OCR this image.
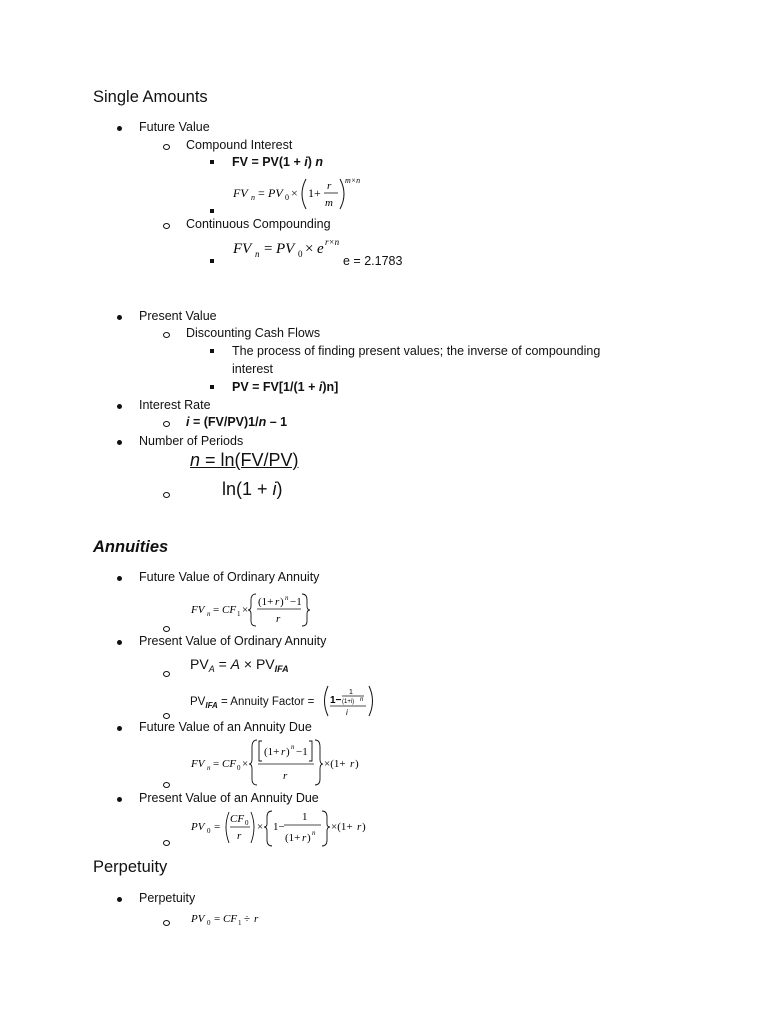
Single Amounts
Future Value
Compound Interest
FV = PV(1 + i) n
FV n = PV 0 × 1+ r
m
m×n
Continuous Compounding
FV n = PV 0 × e r×n
e = 2.1783
Present Value
Discounting Cash Flows
The process of finding present values; the inverse of compounding
interest
PV = FV[1/(1 + i)n]
Interest Rate
i = (FV/PV)1/n – 1
Number of Periods
n = ln(FV/PV)
ln(1 + i)
Annuities
Future Value of Ordinary Annuity
FV n = CF 1 ×
(1+ r ) n −1
r
Present Value of Ordinary Annuity
$PV_A = A \times PV_{IFA}$
$PV_{IFA}$ = Annuity Factor = 1−
1
(1+i) n
i
Future Value of an Annuity Due
FV n = CF 0 ×
(1+ r ) n −1
r
×(1+ r )
Present Value of an Annuity Due
PV 0 =
CF 0
r
× 1−
1
(1+ r ) n ×(1+ r )
Perpetuity
Perpetuity
PV 0 = CF 1 ÷ r
